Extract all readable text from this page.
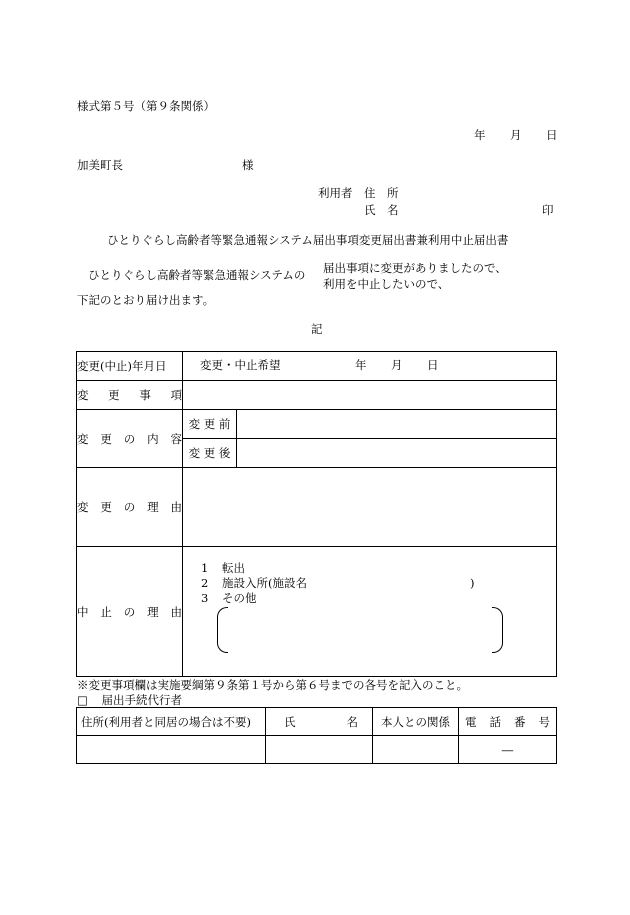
様式第５号（第９条関係）
年 月 日
加美町長	様
利用者 住　所
氏　名	印
ひとりぐらし高齢者等緊急通報システム届出事項変更届出書兼利用中止届出書
ひとりぐらし高齢者等緊急通報システムの 届出事項に変更がありましたので、
利用を中止したいので、
下記のとおり届け出ます。
記
変更(中止)年月日	変更・中止希望 年 月 日	

変 更 事 項		

変 更 の 内 容	変 更 前	
	変 更 後	

変 更 の 理 由		

中 止 の 理 由		

1 転出
2 施設入所(施設名	)
3 その他
※変更事項欄は実施要綱第９条第１号から第６号までの各号を記入のこと。
□ 届出手続代行者
住所(利用者と同居の場合は不要)	氏 名	本人との関係	電 話 番 号

			―
